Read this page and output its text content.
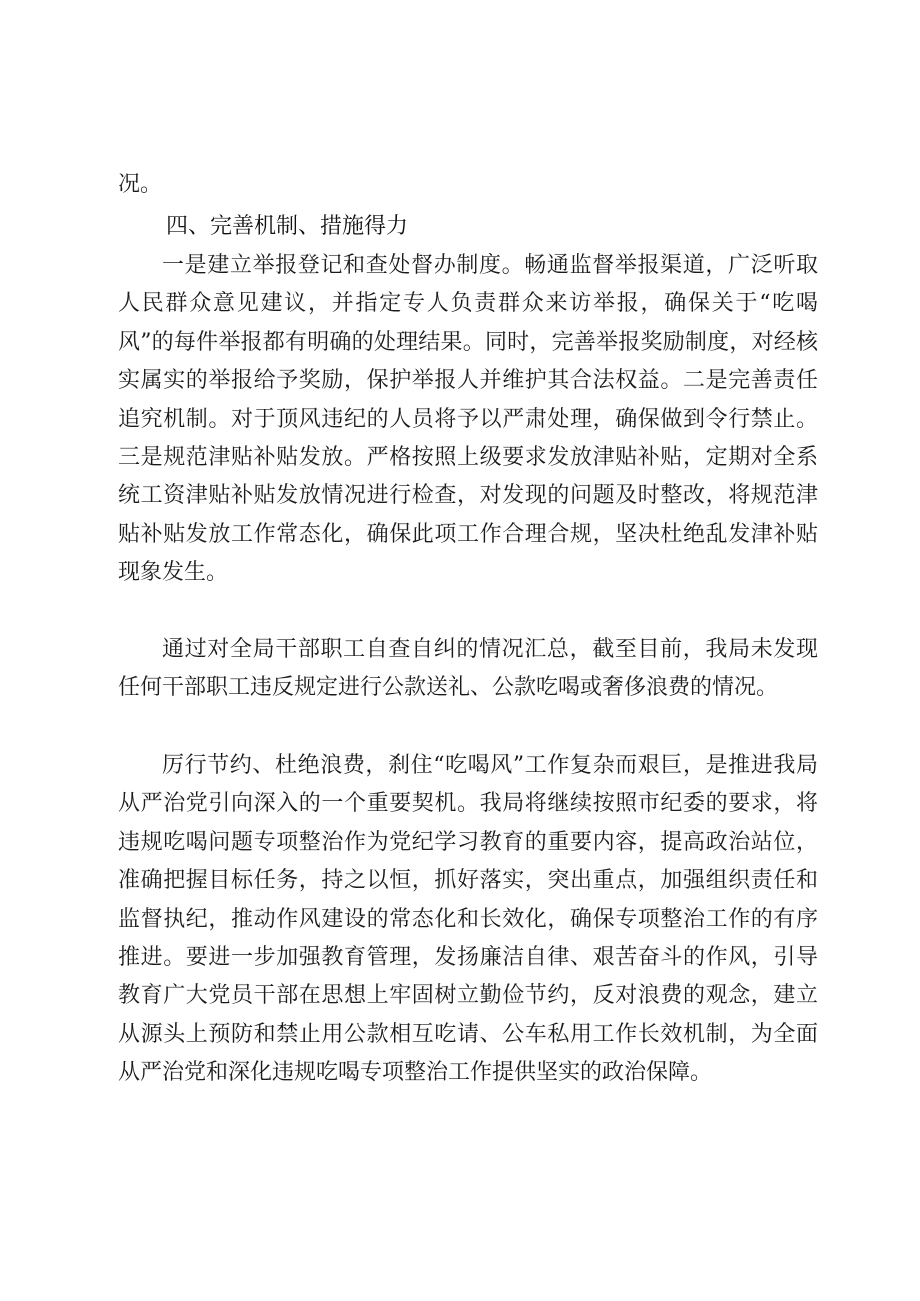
况。

四、完善机制、措施得力

一是建立举报登记和查处督办制度。畅通监督举报渠道，广泛听取人民群众意见建议，并指定专人负责群众来访举报，确保关于“吃喝风”的每件举报都有明确的处理结果。同时，完善举报奖励制度，对经核实属实的举报给予奖励，保护举报人并维护其合法权益。二是完善责任追究机制。对于顶风违纪的人员将予以严肃处理，确保做到令行禁止。三是规范津贴补贴发放。严格按照上级要求发放津贴补贴，定期对全系统工资津贴补贴发放情况进行检查，对发现的问题及时整改，将规范津贴补贴发放工作常态化，确保此项工作合理合规，坚决杜绝乱发津补贴现象发生。

通过对全局干部职工自查自纠的情况汇总，截至目前，我局未发现任何干部职工违反规定进行公款送礼、公款吃喝或奢侈浪费的情况。

厉行节约、杜绝浪费，刹住“吃喝风”工作复杂而艰巨，是推进我局从严治党引向深入的一个重要契机。我局将继续按照市纪委的要求，将违规吃喝问题专项整治作为党纪学习教育的重要内容，提高政治站位，准确把握目标任务，持之以恒，抓好落实，突出重点，加强组织责任和监督执纪，推动作风建设的常态化和长效化，确保专项整治工作的有序推进。要进一步加强教育管理，发扬廉洁自律、艰苦奋斗的作风，引导教育广大党员干部在思想上牢固树立勤俭节约，反对浪费的观念，建立从源头上预防和禁止用公款相互吃请、公车私用工作长效机制，为全面从严治党和深化违规吃喝专项整治工作提供坚实的政治保障。
